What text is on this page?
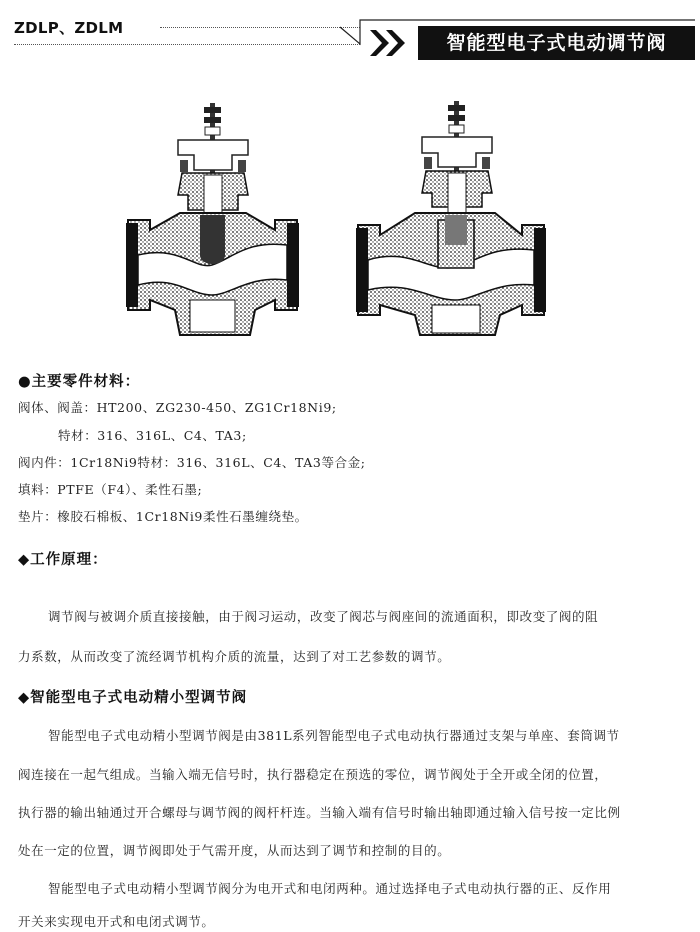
ZDLP、ZDLM
智能型电子式电动调节阀
●主要零件材料：
阀体、阀盖：HT200、ZG230-450、ZG1Cr18Ni9;
特材：316、316L、C4、TA3;
阀内件：1Cr18Ni9特材：316、316L、C4、TA3等合金;
填料：PTFE（F4）、柔性石墨;
垫片：橡胶石棉板、1Cr18Ni9柔性石墨缠绕垫。
◆工作原理：
调节阀与被调介质直接接触，由于阀习运动，改变了阀芯与阀座间的流通面积，即改变了阀的阻
力系数，从而改变了流经调节机构介质的流量，达到了对工艺参数的调节。
◆智能型电子式电动精小型调节阀
智能型电子式电动精小型调节阀是由381L系列智能型电子式电动执行器通过支架与单座、套筒调节
阀连接在一起气组成。当输入端无信号时，执行器稳定在预选的零位，调节阀处于全开或全闭的位置，
执行器的输出轴通过开合螺母与调节阀的阀杆杆连。当输入端有信号时输出轴即通过输入信号按一定比例
处在一定的位置，调节阀即处于气需开度，从而达到了调节和控制的目的。
智能型电子式电动精小型调节阀分为电开式和电闭两种。通过选择电子式电动执行器的正、反作用
开关来实现电开式和电闭式调节。
